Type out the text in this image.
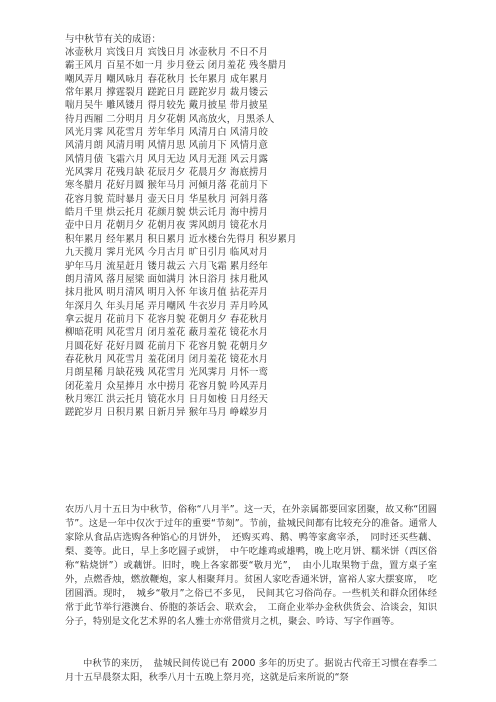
与中秋节有关的成语：
冰壶秋月 宾饯日月 宾饯日月 冰壶秋月 不日不月
霸王风月 百星不如一月 步月登云 闭月羞花 残冬腊月
嘲风弄月 嘲风咏月 春花秋月 长年累月 成年累月
常年累月 撑霆裂月 蹉跎日月 蹉跎岁月 裁月镂云
喘月吴牛 雕风镂月 得月较先 戴月披星 带月披星
待月西厢 二分明月 月夕花朝 风高放火，月黑杀人
风光月霁 风花雪月 芳年华月 风清月白 风清月皎
风清月朗 风清月明 风情月思 风前月下 风情月意
风情月债 飞霜六月 风月无边 风月无涯 风云月露
光风霁月 花残月缺 花辰月夕 花晨月夕 海底捞月
寒冬腊月 花好月圆 猴年马月 河倾月落 花前月下
花容月貌 荒时暴月 壶天日月 华星秋月 河斜月落
皓月千里 烘云托月 花颜月貌 烘云讬月 海中捞月
壶中日月 花朝月夕 花朝月夜 霁风朗月 镜花水月
积年累月 经年累月 积日累月 近水楼台先得月 积岁累月
九天揽月 霁月光风 今月古月 旷日引月 临风对月
驴年马月 流星赶月 镂月裁云 六月飞霜 累月经年
朗月清风 落月屋梁 面如满月 沐日浴月 抹月秕风
抹月批风 明月清风 明月入怀 年该月值 拈花弄月
年深月久 年头月尾 弄月嘲风 牛衣岁月 弄月吟风
拿云捉月 花前月下 花容月貌 花朝月夕 春花秋月
柳暗花明 风花雪月 闭月羞花 蔽月羞花 镜花水月
月圆花好 花好月圆 花前月下 花容月貌 花朝月夕
春花秋月 风花雪月 羞花闭月 闭月羞花 镜花水月
月朗星稀 月缺花残 风花雪月 光风霁月 月怀一鸾
闭花羞月 众星捧月 水中捞月 花容月貌 吟风弄月
秋月寒江 洪云托月 镜花水月 日月如梭 日月经天
蹉跎岁月 日积月累 日新月异 猴年马月 峥嵘岁月

农历八月十五日为中秋节，俗称“八月半”。这一天，在外亲属都要回家团聚，故又称“团圆节”。这是一年中仅次于过年的重要“节刻”。节前，盐城民间都有比较充分的准备。通常人家除从食品店选购各种馅心的月饼外，　还购买鸡、鹅、鸭等家禽宰杀，　同时还买些藕、梨、菱等。此日，早上多吃圆子或饼，　中午吃雄鸡或雄鸭，晚上吃月饼、糯米饼（西区俗称“粘烧饼”）或藕饼。旧时，晚上各家都要“敬月光”，　由小儿取果物于盘，置方桌子室外，点燃香烛，燃放鞭炮，家人相聚拜月。贫困人家吃香通米饼，富裕人家大摆宴席，　吃团圆酒。现时，　城乡“敬月”之俗已不多见，　民间其它习俗尚存。一些机关和群众团体经常于此节举行港澳台、侨胞的茶话会、联欢会，　工商企业举办金秋供货会、洽谈会，知识分子，特别是文化艺术界的名人雅士亦常借赏月之机，聚会、吟诗、写字作画等。

中秋节的来历，　盐城民间传说已有 2000 多年的历史了。据说古代帝王习惯在春季二月十五早晨祭太阳，秋季八月十五晚上祭月亮，这就是后来所说的“祭
